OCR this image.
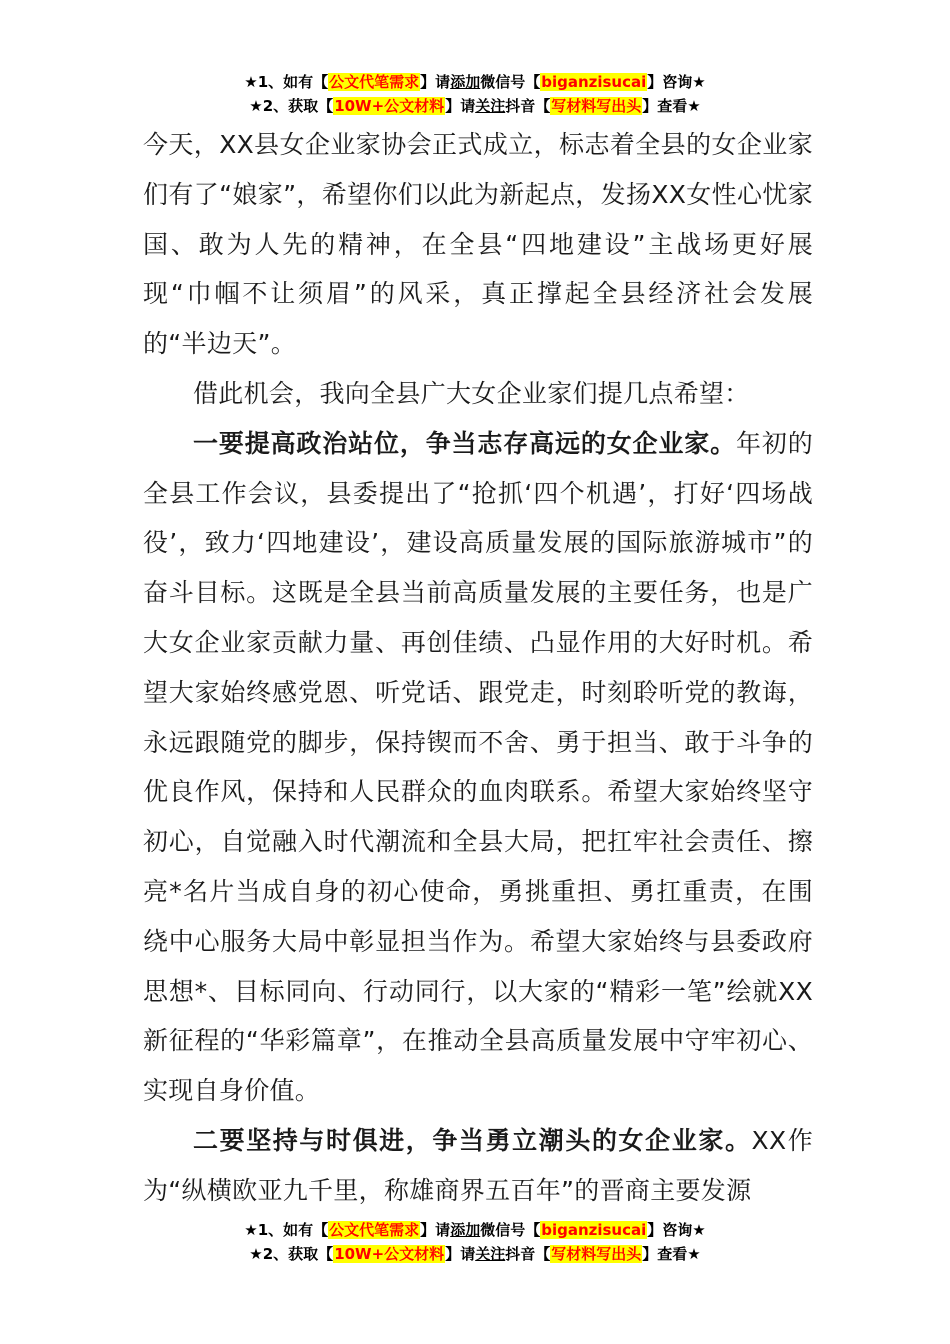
★1、如有【公文代笔需求】请添加微信号【biganzisucai】咨询★
★2、获取【10W+公文材料】请关注抖音【写材料写出头】查看★

今天，XX县女企业家协会正式成立，标志着全县的女企业家们有了“娘家”，希望你们以此为新起点，发扬XX女性心忧家国、敢为人先的精神，在全县“四地建设”主战场更好展现“巾帼不让须眉”的风采，真正撑起全县经济社会发展的“半边天”。

借此机会，我向全县广大女企业家们提几点希望：

一要提高政治站位，争当志存高远的女企业家。年初的全县工作会议，县委提出了“抢抓‘四个机遇’，打好‘四场战役’，致力‘四地建设’，建设高质量发展的国际旅游城市”的奋斗目标。这既是全县当前高质量发展的主要任务，也是广大女企业家贡献力量、再创佳绩、凸显作用的大好时机。希望大家始终感党恩、听党话、跟党走，时刻聆听党的教诲，永远跟随党的脚步，保持锲而不舍、勇于担当、敢于斗争的优良作风，保持和人民群众的血肉联系。希望大家始终坚守初心，自觉融入时代潮流和全县大局，把扛牢社会责任、擦亮*名片当成自身的初心使命，勇挑重担、勇扛重责，在围绕中心服务大局中彰显担当作为。希望大家始终与县委政府思想*、目标同向、行动同行，以大家的“精彩一笔”绘就XX新征程的“华彩篇章”，在推动全县高质量发展中守牢初心、实现自身价值。

二要坚持与时俱进，争当勇立潮头的女企业家。XX作为“纵横欧亚九千里，称雄商界五百年”的晋商主要发源

★1、如有【公文代笔需求】请添加微信号【biganzisucai】咨询★
★2、获取【10W+公文材料】请关注抖音【写材料写出头】查看★
